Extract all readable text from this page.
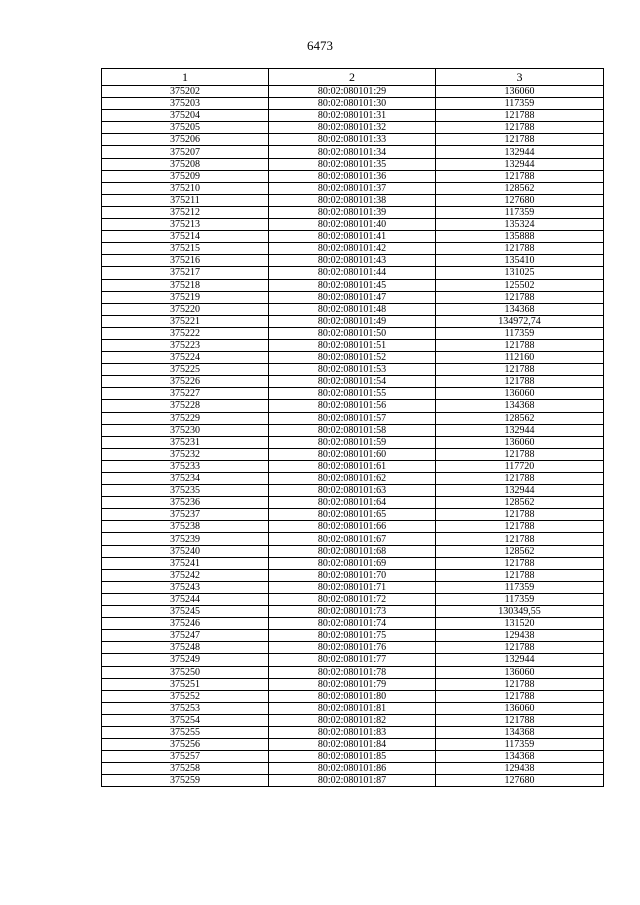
6473
1	2	3
375202	80:02:080101:29	136060
375203	80:02:080101:30	117359
375204	80:02:080101:31	121788
375205	80:02:080101:32	121788
375206	80:02:080101:33	121788
375207	80:02:080101:34	132944
375208	80:02:080101:35	132944
375209	80:02:080101:36	121788
375210	80:02:080101:37	128562
375211	80:02:080101:38	127680
375212	80:02:080101:39	117359
375213	80:02:080101:40	135324
375214	80:02:080101:41	135888
375215	80:02:080101:42	121788
375216	80:02:080101:43	135410
375217	80:02:080101:44	131025
375218	80:02:080101:45	125502
375219	80:02:080101:47	121788
375220	80:02:080101:48	134368
375221	80:02:080101:49	134972,74
375222	80:02:080101:50	117359
375223	80:02:080101:51	121788
375224	80:02:080101:52	112160
375225	80:02:080101:53	121788
375226	80:02:080101:54	121788
375227	80:02:080101:55	136060
375228	80:02:080101:56	134368
375229	80:02:080101:57	128562
375230	80:02:080101:58	132944
375231	80:02:080101:59	136060
375232	80:02:080101:60	121788
375233	80:02:080101:61	117720
375234	80:02:080101:62	121788
375235	80:02:080101:63	132944
375236	80:02:080101:64	128562
375237	80:02:080101:65	121788
375238	80:02:080101:66	121788
375239	80:02:080101:67	121788
375240	80:02:080101:68	128562
375241	80:02:080101:69	121788
375242	80:02:080101:70	121788
375243	80:02:080101:71	117359
375244	80:02:080101:72	117359
375245	80:02:080101:73	130349,55
375246	80:02:080101:74	131520
375247	80:02:080101:75	129438
375248	80:02:080101:76	121788
375249	80:02:080101:77	132944
375250	80:02:080101:78	136060
375251	80:02:080101:79	121788
375252	80:02:080101:80	121788
375253	80:02:080101:81	136060
375254	80:02:080101:82	121788
375255	80:02:080101:83	134368
375256	80:02:080101:84	117359
375257	80:02:080101:85	134368
375258	80:02:080101:86	129438
375259	80:02:080101:87	127680
